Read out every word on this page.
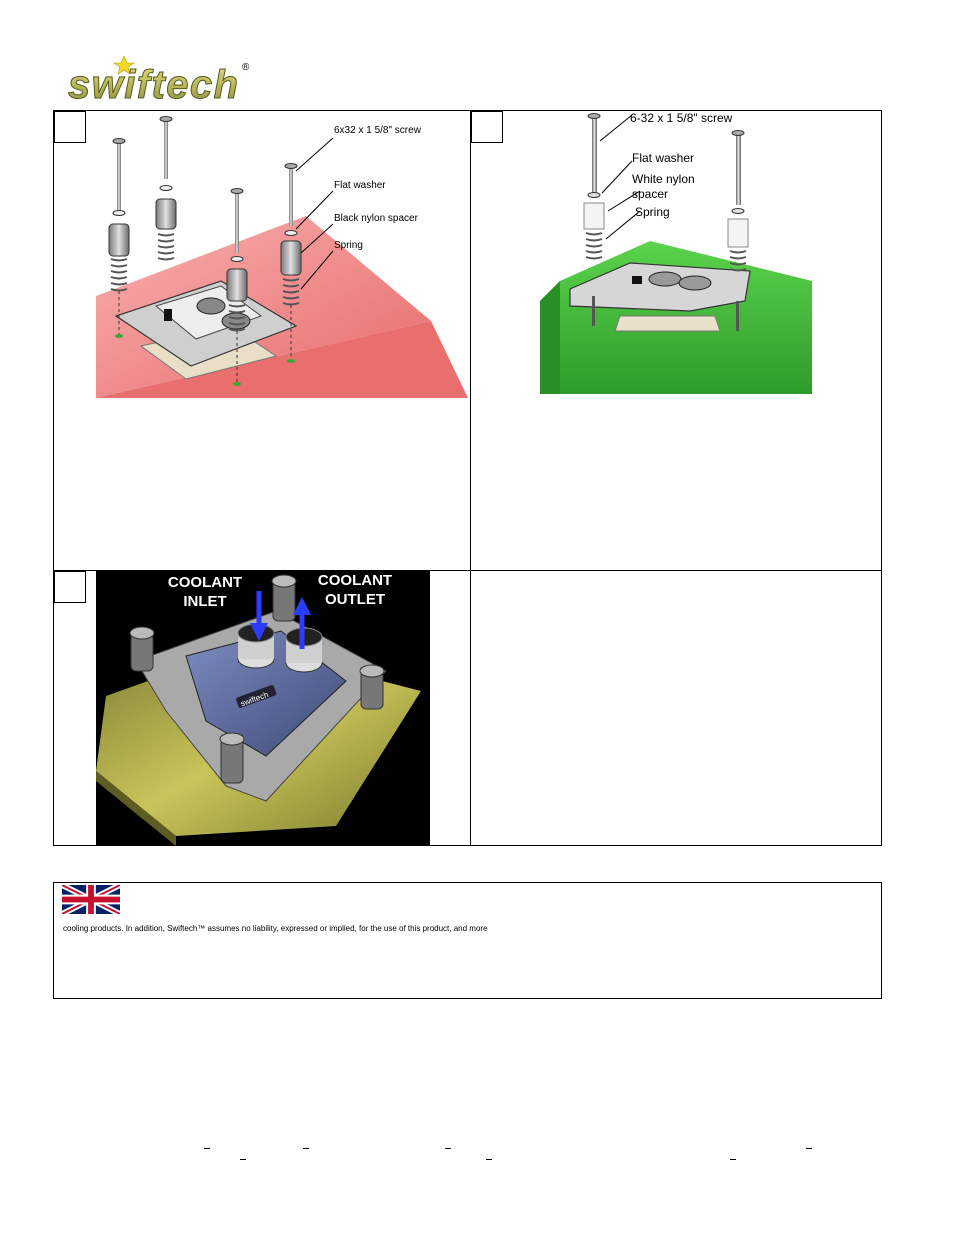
swiftech ®
6x32 x 1 5/8" screw
Flat washer
Black nylon spacer
Spring
6-32 x 1 5/8" screw
Flat washer
White nylon
spacer
Spring
swiftech
COOLANT
INLET
COOLANT
OUTLET
cooling products. In addition, Swiftech™ assumes no liability, expressed or implied, for the use of this product, and more
